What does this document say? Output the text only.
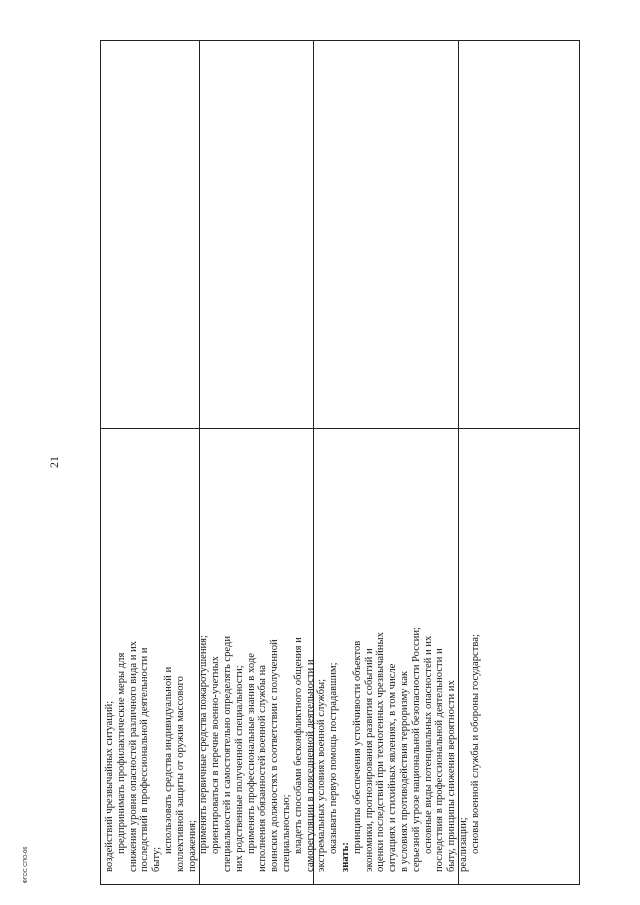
21
воздействий чрезвычайных ситуаций; предпринимать профилактические меры для снижения уровня опасностей различного вида и их последствий в профессиональной деятельности и быту;
использовать средства индивидуальной и коллективной защиты от оружия массового поражения; применять первичные средства пожаротушения; ориентироваться в перечне военно-учетных специальностей и самостоятельно определять среди них родственные полученной специальности; применять профессиональные знания в ходе исполнения обязанностей военной службы на воинских должностях в соответствии с полученной специальностью; владеть способами бесконфликтного общения и саморегуляции в повседневной деятельности и экстремальных условиях военной службы; оказывать первую помощь пострадавшим;
знать:
принципы обеспечения устойчивости объектов экономики, прогнозирования развития событий и оценки последствий при техногенных чрезвычайных ситуациях и стихийных явлениях, в том числе в условиях противодействия терроризму как серьезной угрозе национальной безопасности России; основные виды потенциальных опасностей и их последствия в профессиональной деятельности и быту, принципы снижения вероятности их реализации; основы военной службы и обороны государства;
ФГОС СПО-06
